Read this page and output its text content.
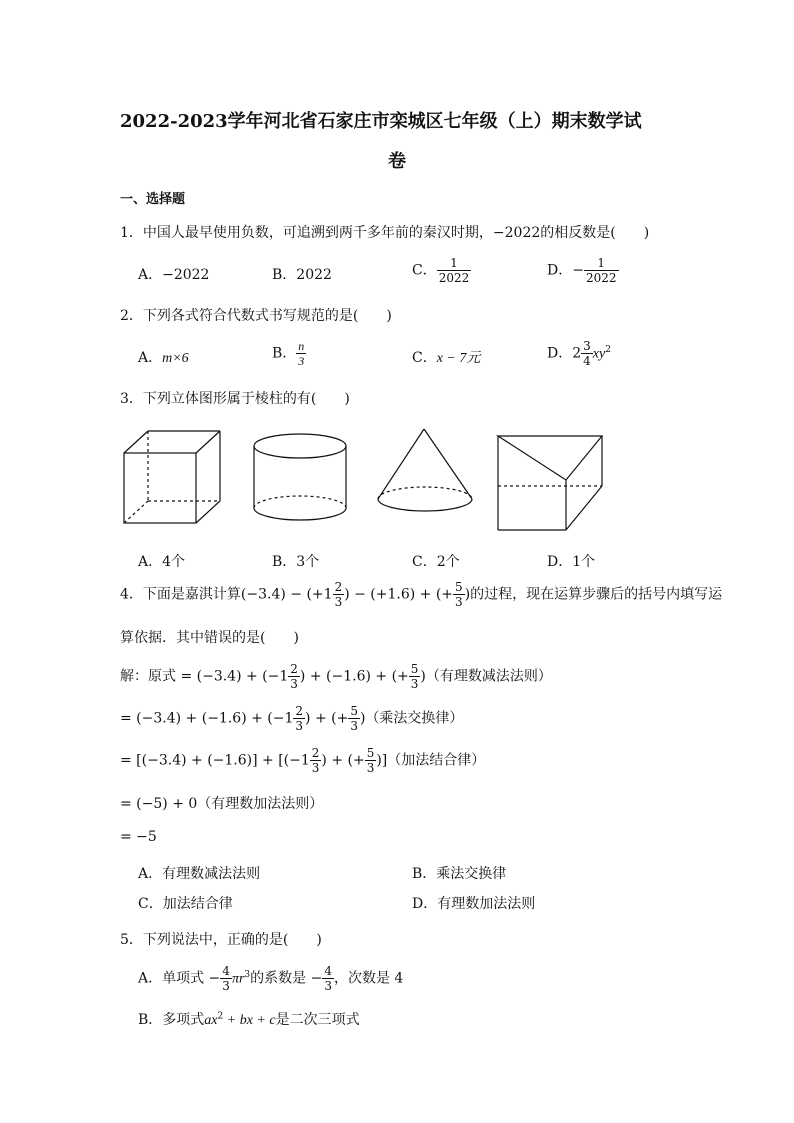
2022-2023学年河北省石家庄市栾城区七年级（上）期末数学试
卷
一、选择题
1．中国人最早使用负数，可追溯到两千多年前的秦汉时期，−2022的相反数是(　　)
A．−2022	B．2022	C． $\frac{1}{2022}$	D．− $\frac{1}{2022}$
2．下列各式符合代数式书写规范的是(　　)
A．m×6	B． $\frac{n}{3}$	C．x − 7元	D．$2 \frac{3}{4} xy^2$
3．下列立体图形属于棱柱的有(　　)
A．4个	B．3个	C．2个	D．1个
4．下面是嘉淇计算$(-3.4) - (+1 \frac{2}{3}$ ) − (+1.6) + (+ $\frac{5}{3}$ )的过程，现在运算步骤后的括号内填写运
算依据．其中错误的是(　　)
解：原式 = $(-3.4) + (-1 \frac{2}{3}$ ) + (−1.6) + (+ $\frac{5}{3}$ )（有理数减法法则）
= $(-3.4) + (-1.6) + (-1 \frac{2}{3}$ ) + (+ $\frac{5}{3}$ )（乘法交换律）
= $[(-3.4) + (-1.6)] + [(-1 \frac{2}{3}$ ) + (+ $\frac{5}{3}$ )]（加法结合律）
= (−5) + 0（有理数加法法则）
= −5
A．有理数减法法则	B．乘法交换律
C．加法结合律	D．有理数加法法则
5．下列说法中，正确的是(　　)
A．单项式 − $\frac{4}{3} \pi r^3$的系数是 − $\frac{4}{3}$ ，次数是 4
B．多项式$ax^2$ + bx + c是二次三项式
